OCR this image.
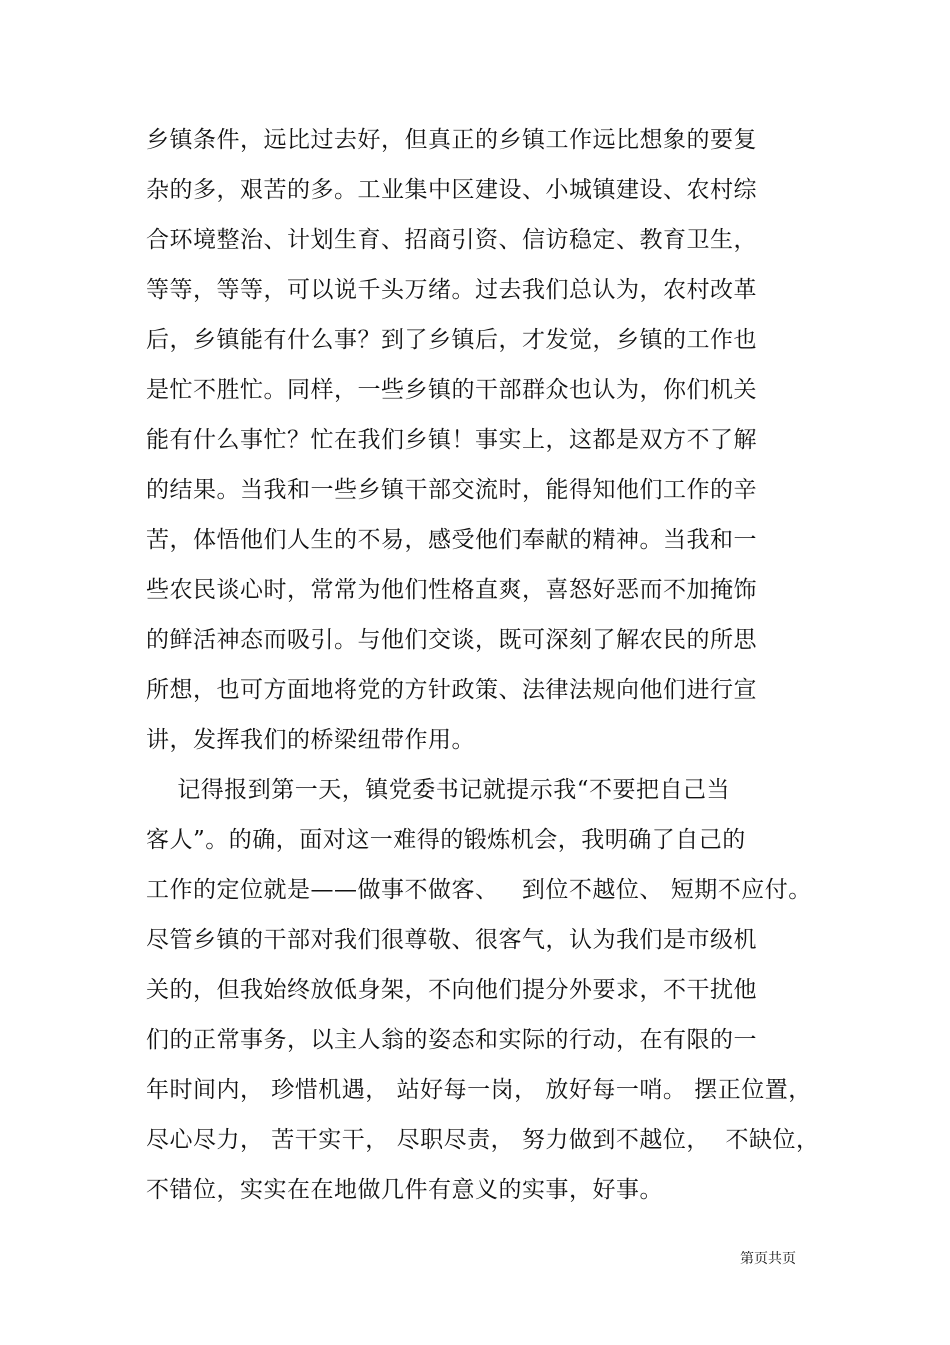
乡镇条件，远比过去好，但真正的乡镇工作远比想象的要复
杂的多，艰苦的多。工业集中区建设、小城镇建设、农村综
合环境整治、计划生育、招商引资、信访稳定、教育卫生，
等等，等等，可以说千头万绪。过去我们总认为，农村改革
后，乡镇能有什么事？到了乡镇后，才发觉，乡镇的工作也
是忙不胜忙。同样，一些乡镇的干部群众也认为，你们机关
能有什么事忙？忙在我们乡镇！事实上，这都是双方不了解
的结果。当我和一些乡镇干部交流时，能得知他们工作的辛
苦，体悟他们人生的不易，感受他们奉献的精神。当我和一
些农民谈心时，常常为他们性格直爽，喜怒好恶而不加掩饰
的鲜活神态而吸引。与他们交谈，既可深刻了解农民的所思
所想，也可方面地将党的方针政策、法律法规向他们进行宣
讲，发挥我们的桥梁纽带作用。
记得报到第一天，镇党委书记就提示我“不要把自己当
客人”。的确，面对这一难得的锻炼机会，我明确了自己的
工作的定位就是——做事不做客、   到位不越位、 短期不应付。
尽管乡镇的干部对我们很尊敬、很客气，认为我们是市级机
关的，但我始终放低身架，不向他们提分外要求，不干扰他
们的正常事务，以主人翁的姿态和实际的行动，在有限的一
年时间内， 珍惜机遇， 站好每一岗， 放好每一哨。 摆正位置，
尽心尽力， 苦干实干， 尽职尽责， 努力做到不越位，  不缺位，
不错位，实实在在地做几件有意义的实事，好事。
第页共页
